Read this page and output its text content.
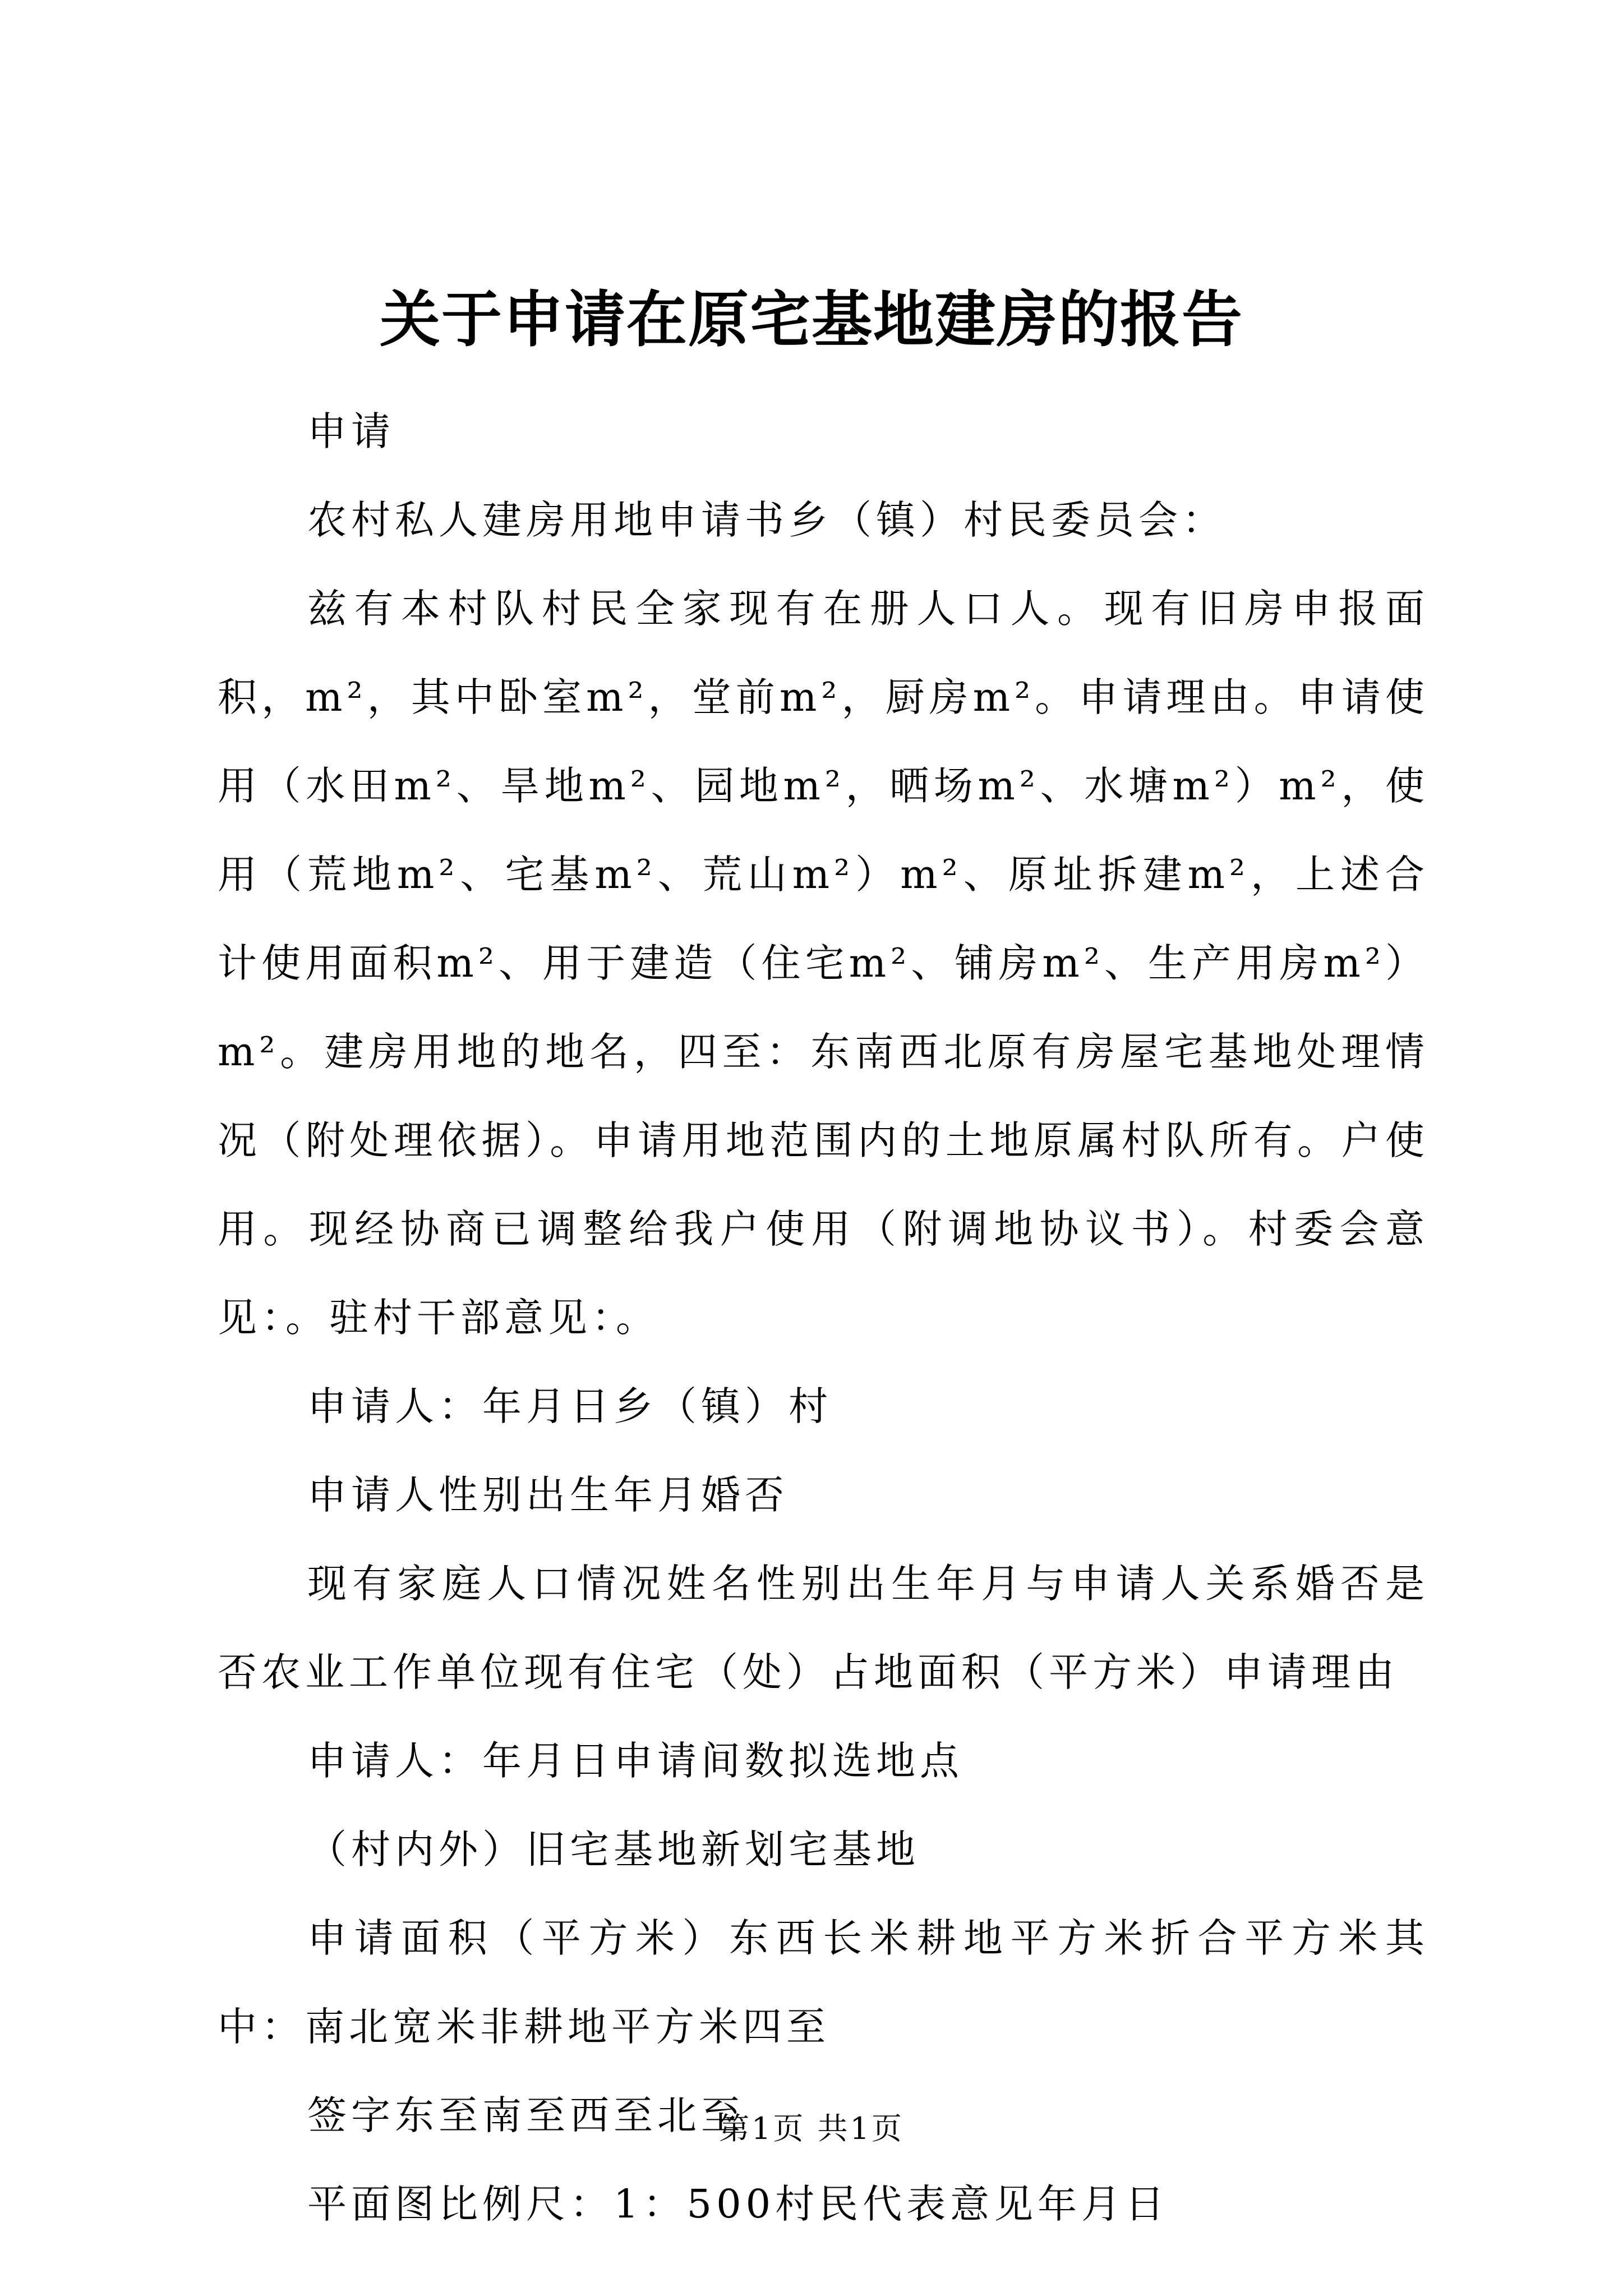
关于申请在原宅基地建房的报告

申请

农村私人建房用地申请书乡（镇）村民委员会：

兹有本村队村民全家现有在册人口人。现有旧房申报面积，m²，其中卧室m²，堂前m²，厨房m²。申请理由。申请使用（水田m²、旱地m²、园地m²，晒场m²、水塘m²）m²，使用（荒地m²、宅基m²、荒山m²）m²、原址拆建m²，上述合计使用面积m²、用于建造（住宅m²、铺房m²、生产用房m²）m²。建房用地的地名，四至：东南西北原有房屋宅基地处理情况（附处理依据）。申请用地范围内的土地原属村队所有。户使用。现经协商已调整给我户使用（附调地协议书）。村委会意见：。驻村干部意见：。

申请人：年月日乡（镇）村

申请人性别出生年月婚否

现有家庭人口情况姓名性别出生年月与申请人关系婚否是否农业工作单位现有住宅（处）占地面积（平方米）申请理由

申请人：年月日申请间数拟选地点

（村内外）旧宅基地新划宅基地

申请面积（平方米）东西长米耕地平方米折合平方米其中：南北宽米非耕地平方米四至

签字东至南至西至北至

平面图比例尺：1：500村民代表意见年月日

第1页 共1页
